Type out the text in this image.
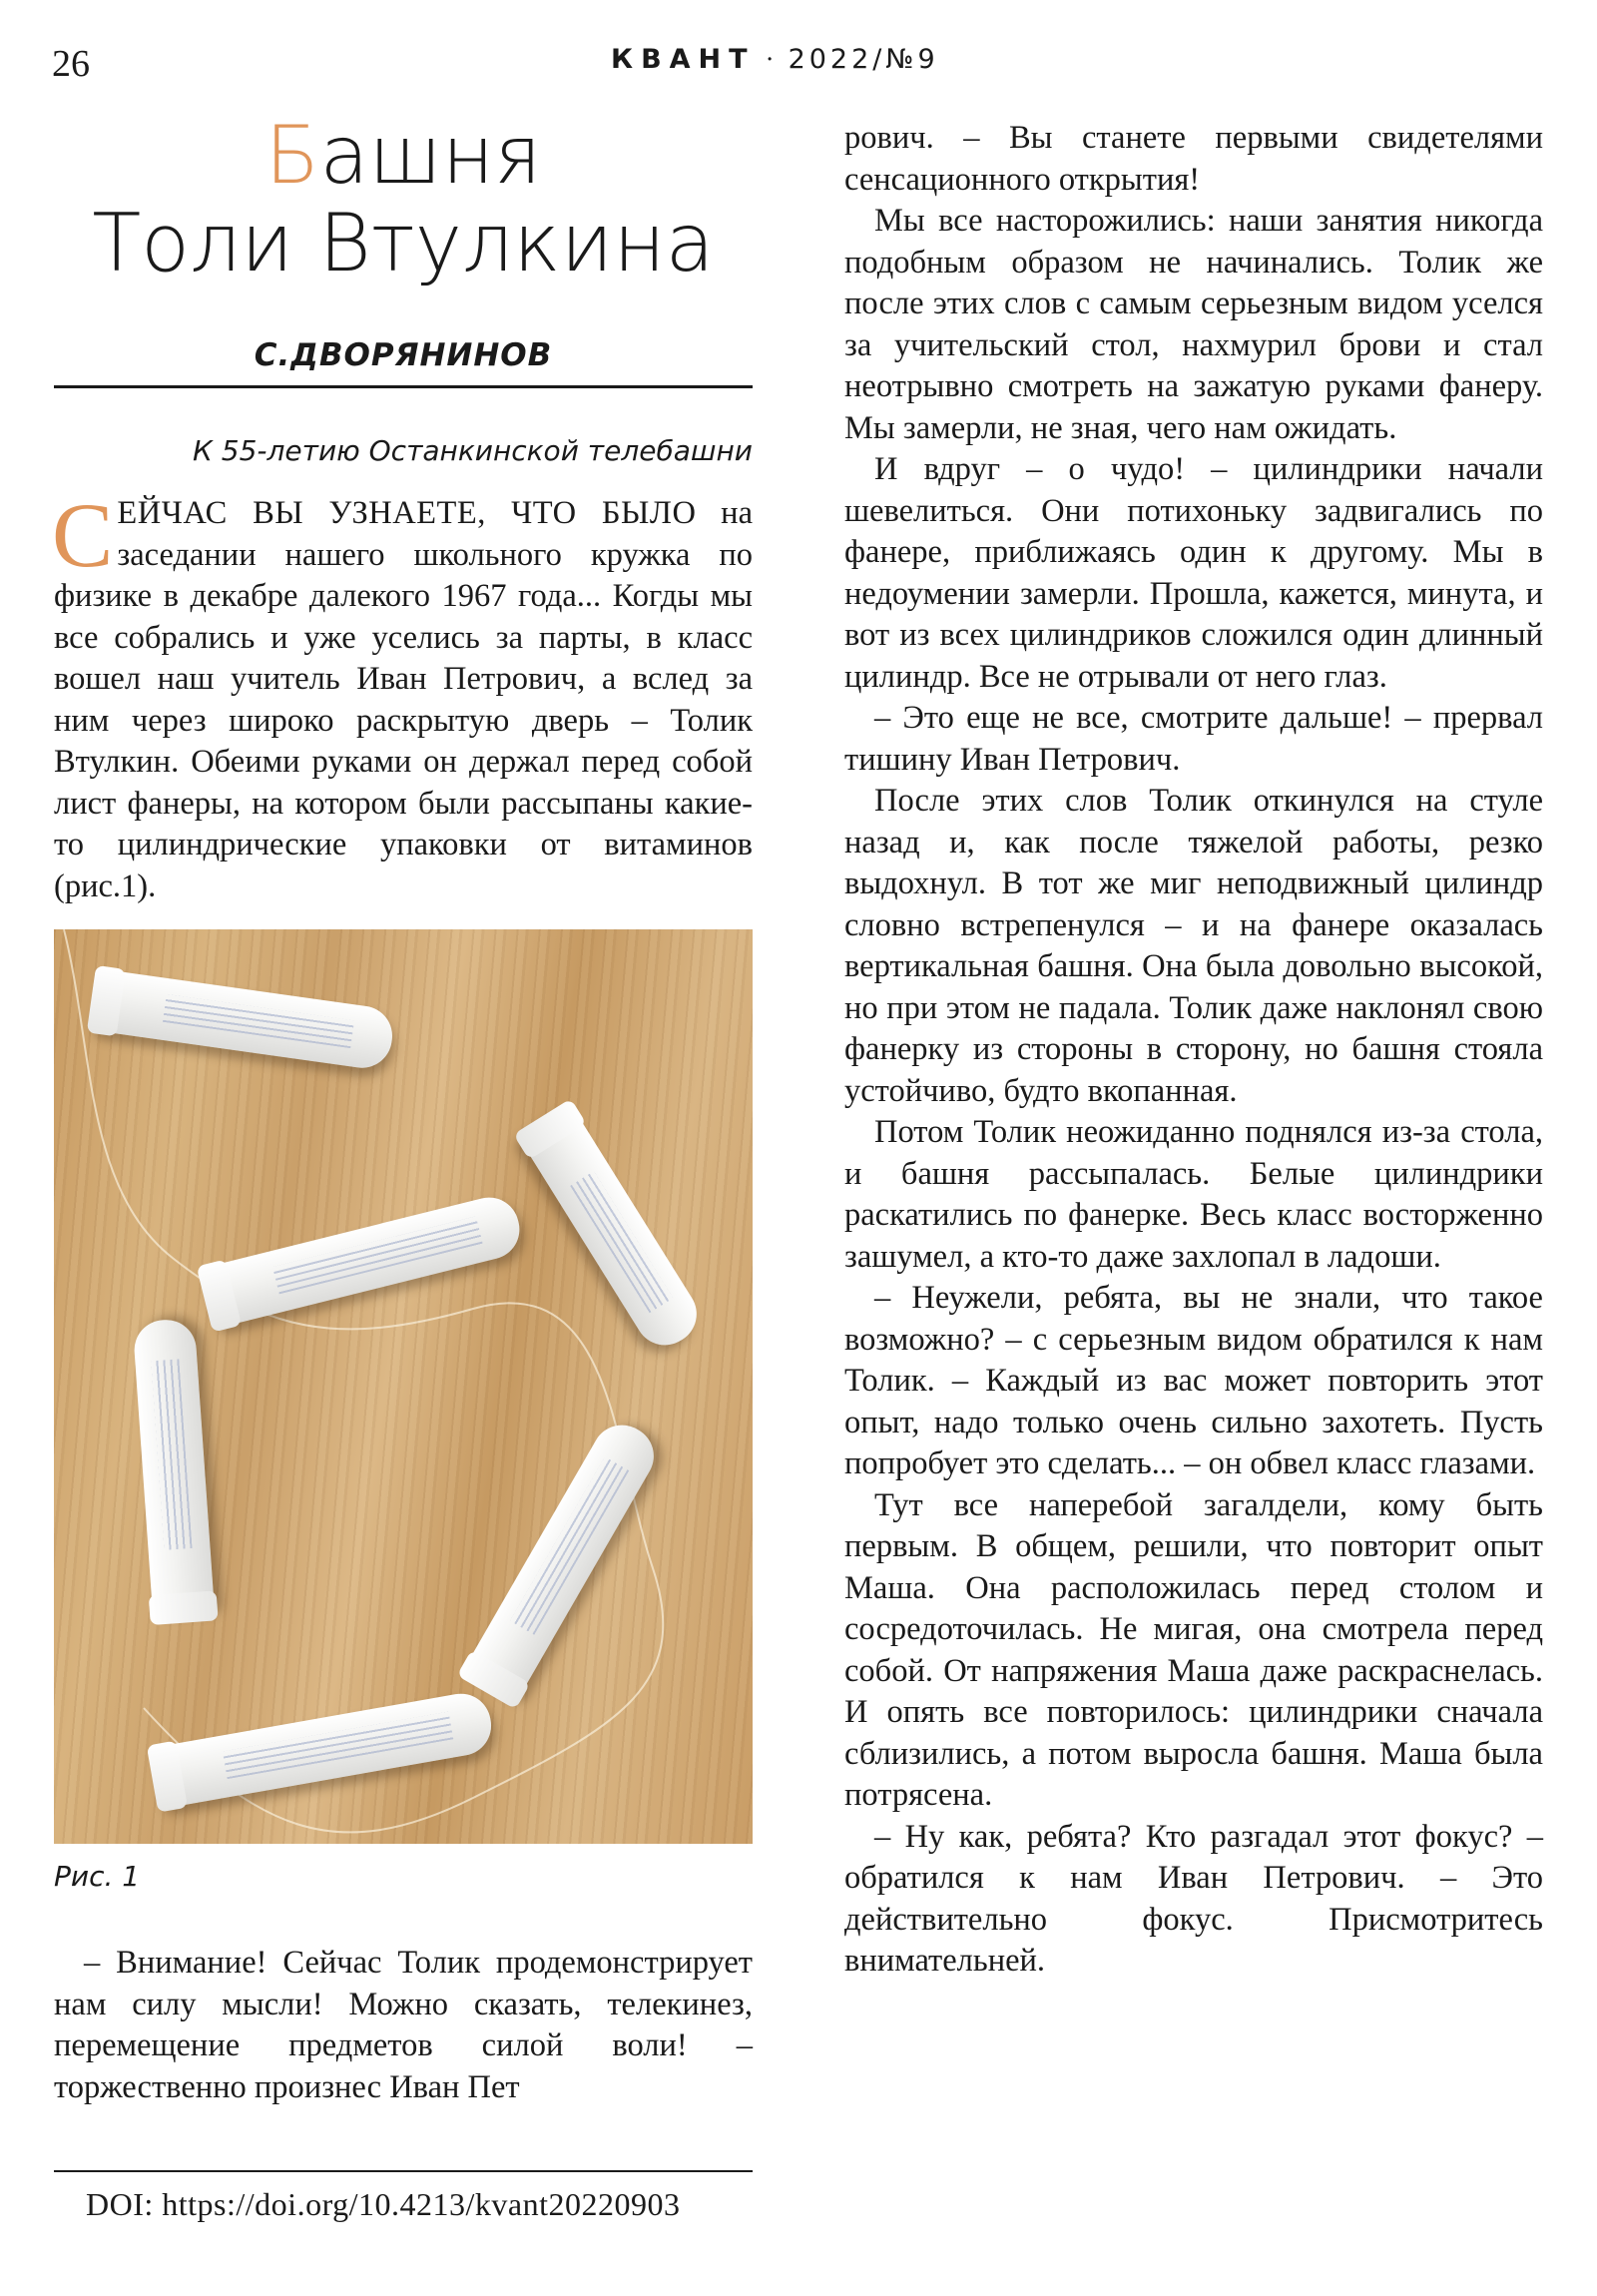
26	КВАНТ · 2022/№9
Башня
Толи Втулкина
С.ДВОРЯНИНОВ
К 55-летию Останкинской телебашни

СЕЙЧАС ВЫ УЗНАЕТЕ, ЧТО БЫЛО на заседании нашего школьного кружка по физике в декабре далекого 1967 года... Когды мы все собрались и уже уселись за парты, в класс вошел наш учитель Иван Петрович, а вслед за ним через широко раскрытую дверь – Толик Втулкин. Обеими руками он держал перед собой лист фанеры, на котором были рассыпаны какие-то цилиндрические упаковки от витаминов (рис.1).

Рис. 1

– Внимание! Сейчас Толик продемонстрирует нам силу мысли! Можно сказать, телекинез, перемещение предметов силой воли! – торжественно произнес Иван Пет

рович. – Вы станете первыми свидетелями сенсационного открытия!

Мы все насторожились: наши занятия никогда подобным образом не начинались. Толик же после этих слов с самым серьезным видом уселся за учительский стол, нахмурил брови и стал неотрывно смотреть на зажатую руками фанеру. Мы замерли, не зная, чего нам ожидать.

И вдруг – о чудо! – цилиндрики начали шевелиться. Они потихоньку задвигались по фанере, приближаясь один к другому. Мы в недоумении замерли. Прошла, кажется, минута, и вот из всех цилиндриков сложился один длинный цилиндр. Все не отрывали от него глаз.

– Это еще не все, смотрите дальше! – прервал тишину Иван Петрович.

После этих слов Толик откинулся на стуле назад и, как после тяжелой работы, резко выдохнул. В тот же миг неподвижный цилиндр словно встрепенулся – и на фанере оказалась вертикальная башня. Она была довольно высокой, но при этом не падала. Толик даже наклонял свою фанерку из стороны в сторону, но башня стояла устойчиво, будто вкопанная.

Потом Толик неожиданно поднялся из-за стола, и башня рассыпалась. Белые цилиндрики раскатились по фанерке. Весь класс восторженно зашумел, а кто-то даже захлопал в ладоши.

– Неужели, ребята, вы не знали, что такое возможно? – с серьезным видом обратился к нам Толик. – Каждый из вас может повторить этот опыт, надо только очень сильно захотеть. Пусть попробует это сделать... – он обвел класс глазами.

Тут все наперебой загалдели, кому быть первым. В общем, решили, что повторит опыт Маша. Она расположилась перед столом и сосредоточилась. Не мигая, она смотрела перед собой. От напряжения Маша даже раскраснелась. И опять все повторилось: цилиндрики сначала сблизились, а потом выросла башня. Маша была потрясена.

– Ну как, ребята? Кто разгадал этот фокус? – обратился к нам Иван Петрович. – Это действительно фокус. Присмотритесь внимательней.

DOI: https://doi.org/10.4213/kvant20220903
